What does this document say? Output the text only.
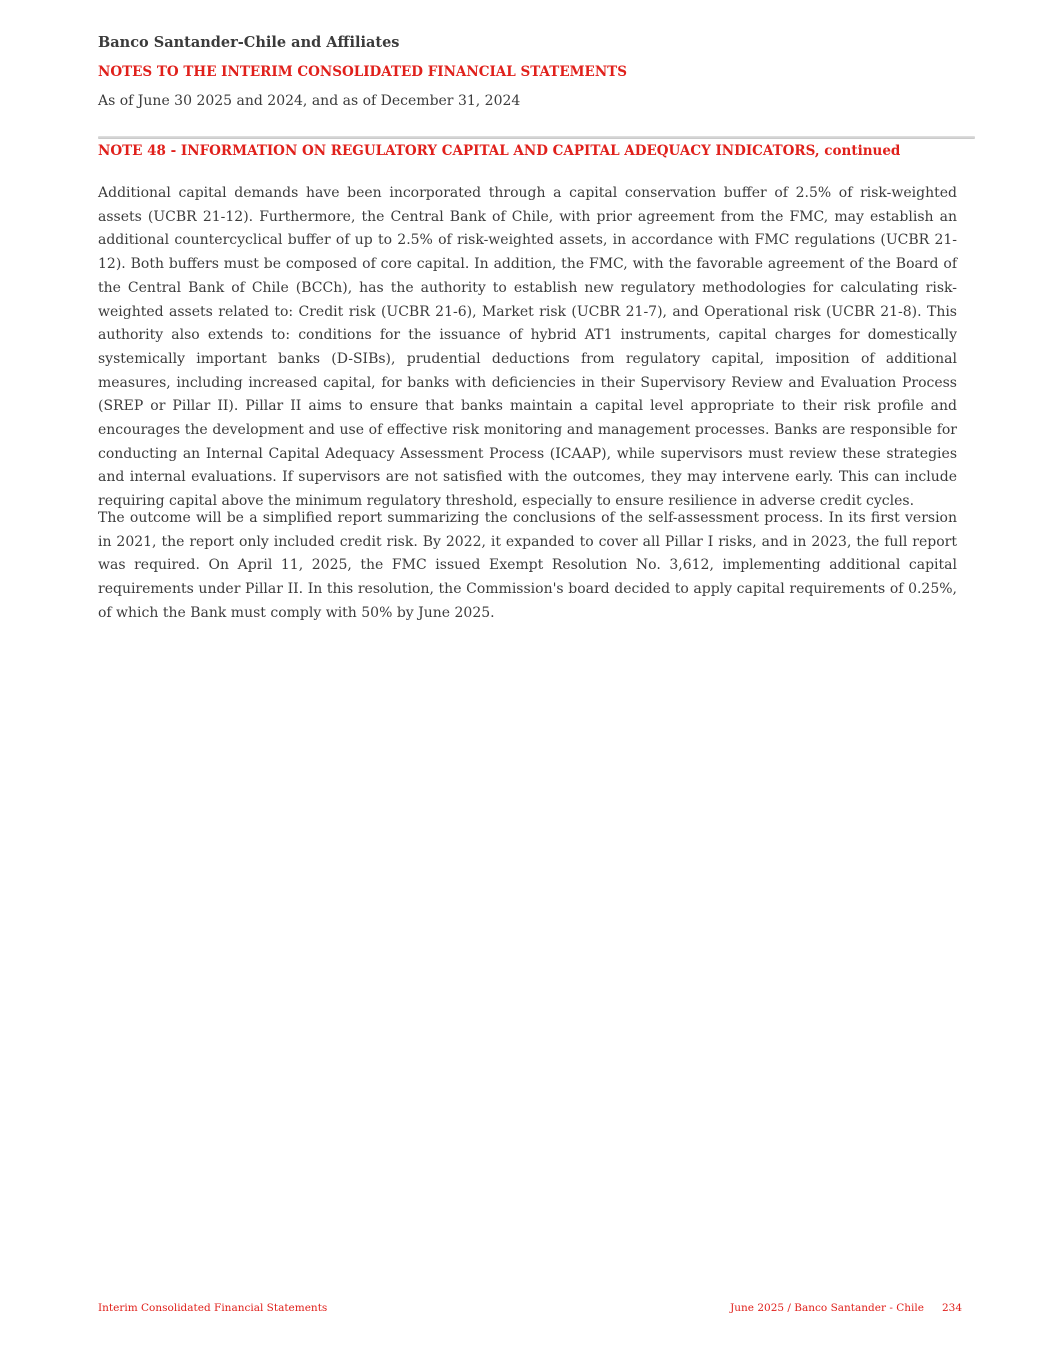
Banco Santander-Chile and Affiliates
NOTES TO THE INTERIM CONSOLIDATED FINANCIAL STATEMENTS
As of June 30 2025 and 2024, and as of December 31, 2024
NOTE 48 - INFORMATION ON REGULATORY CAPITAL AND CAPITAL ADEQUACY INDICATORS, continued

Additional capital demands have been incorporated through a capital conservation buffer of 2.5% of risk-weighted assets (UCBR 21-12). Furthermore, the Central Bank of Chile, with prior agreement from the FMC, may establish an additional countercyclical buffer of up to 2.5% of risk-weighted assets, in accordance with FMC regulations (UCBR 21-12). Both buffers must be composed of core capital. In addition, the FMC, with the favorable agreement of the Board of the Central Bank of Chile (BCCh), has the authority to establish new regulatory methodologies for calculating risk-weighted assets related to: Credit risk (UCBR 21-6), Market risk (UCBR 21-7), and Operational risk (UCBR 21-8). This authority also extends to: conditions for the issuance of hybrid AT1 instruments, capital charges for domestically systemically important banks (D-SIBs), prudential deductions from regulatory capital, imposition of additional measures, including increased capital, for banks with deficiencies in their Supervisory Review and Evaluation Process (SREP or Pillar II). Pillar II aims to ensure that banks maintain a capital level appropriate to their risk profile and encourages the development and use of effective risk monitoring and management processes. Banks are responsible for conducting an Internal Capital Adequacy Assessment Process (ICAAP), while supervisors must review these strategies and internal evaluations. If supervisors are not satisfied with the outcomes, they may intervene early. This can include requiring capital above the minimum regulatory threshold, especially to ensure resilience in adverse credit cycles.

The outcome will be a simplified report summarizing the conclusions of the self-assessment process. In its first version in 2021, the report only included credit risk. By 2022, it expanded to cover all Pillar I risks, and in 2023, the full report was required. On April 11, 2025, the FMC issued Exempt Resolution No. 3,612, implementing additional capital requirements under Pillar II. In this resolution, the Commission's board decided to apply capital requirements of 0.25%, of which the Bank must comply with 50% by June 2025.

Interim Consolidated Financial Statements	June 2025 / Banco Santander - Chile 234
